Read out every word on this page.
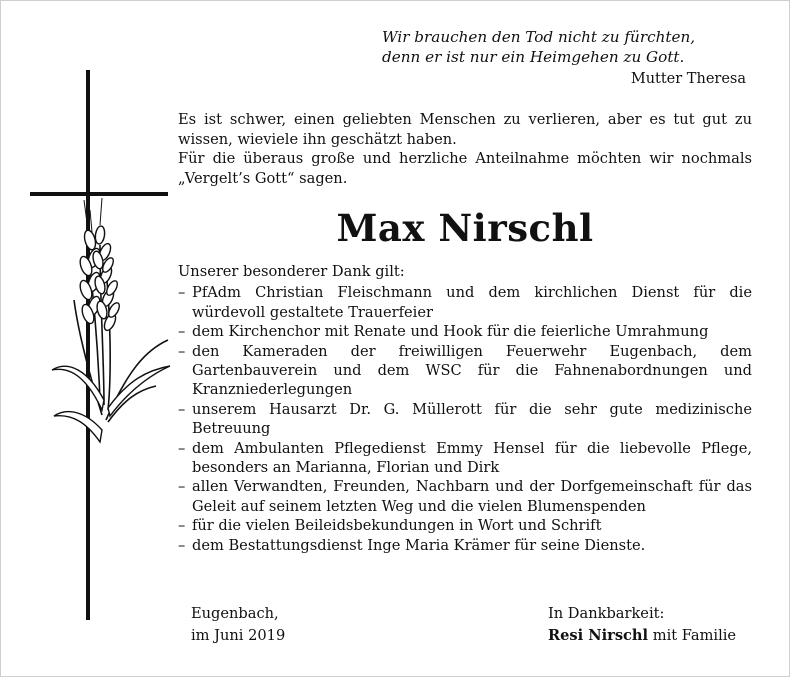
Wir brauchen den Tod nicht zu fürchten,
denn er ist nur ein Heimgehen zu Gott.
Mutter Theresa

Es ist schwer, einen geliebten Menschen zu verlieren, aber es tut gut zu wissen, wieviele ihn geschätzt haben.

Für die überaus große und herzliche Anteilnahme möchten wir nochmals „Vergelt’s Gott“ sagen.

Max Nirschl

Unserer besonderer Dank gilt:

– PfAdm Christian Fleischmann und dem kirchlichen Dienst für die würdevoll gestaltete Trauerfeier
– dem Kirchenchor mit Renate und Hook für die feierliche Umrahmung
– den Kameraden der freiwilligen Feuerwehr Eugenbach, dem Gartenbauverein und dem WSC für die Fahnenabordnungen und Kranzniederlegungen
– unserem Hausarzt Dr. G. Müllerott für die sehr gute medizinische Betreuung
– dem Ambulanten Pflegedienst Emmy Hensel für die liebevolle Pflege, besonders an Marianna, Florian und Dirk
– allen Verwandten, Freunden, Nachbarn und der Dorfgemeinschaft für das Geleit auf seinem letzten Weg und die vielen Blumenspenden
– für die vielen Beileidsbekundungen in Wort und Schrift
– dem Bestattungsdienst Inge Maria Krämer für seine Dienste.
Eugenbach,
im Juni 2019
In Dankbarkeit:
Resi Nirschl mit Familie
